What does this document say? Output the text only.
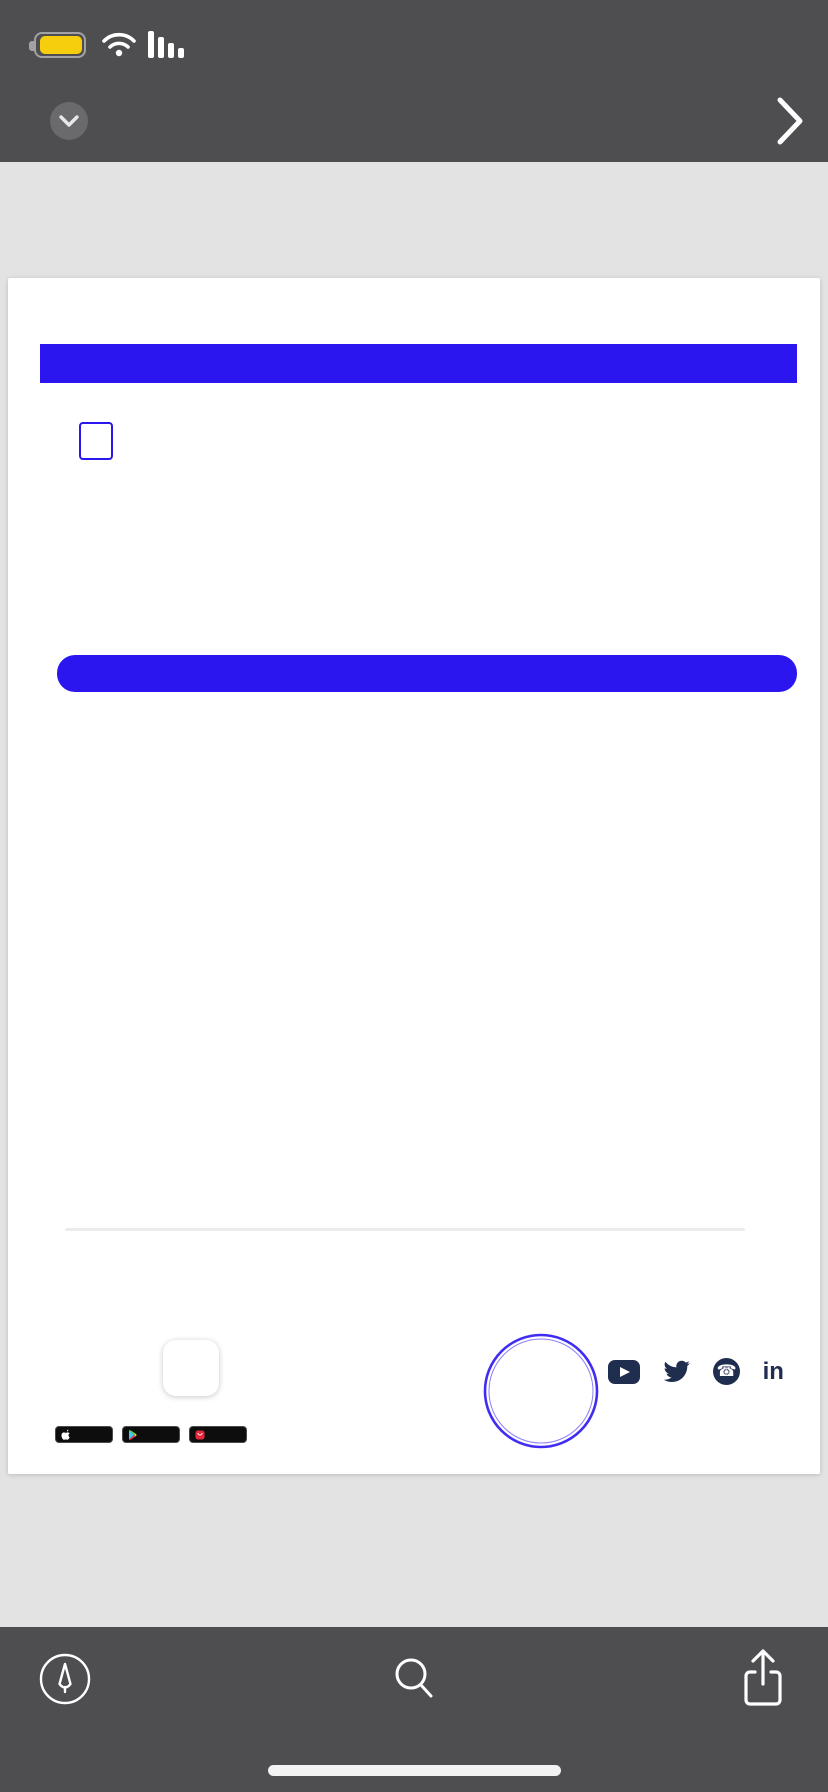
☎ in
